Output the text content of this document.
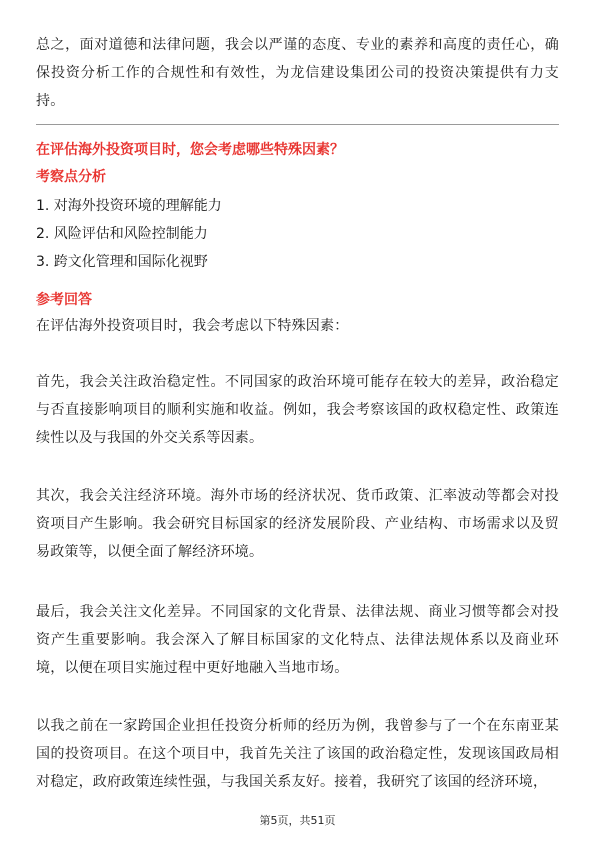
总之，面对道德和法律问题，我会以严谨的态度、专业的素养和高度的责任心，确保投资分析工作的合规性和有效性，为龙信建设集团公司的投资决策提供有力支持。

在评估海外投资项目时，您会考虑哪些特殊因素？
考察点分析
1. 对海外投资环境的理解能力
2. 风险评估和风险控制能力
3. 跨文化管理和国际化视野
参考回答

在评估海外投资项目时，我会考虑以下特殊因素：

首先，我会关注政治稳定性。不同国家的政治环境可能存在较大的差异，政治稳定与否直接影响项目的顺利实施和收益。例如，我会考察该国的政权稳定性、政策连续性以及与我国的外交关系等因素。

其次，我会关注经济环境。海外市场的经济状况、货币政策、汇率波动等都会对投资项目产生影响。我会研究目标国家的经济发展阶段、产业结构、市场需求以及贸易政策等，以便全面了解经济环境。

最后，我会关注文化差异。不同国家的文化背景、法律法规、商业习惯等都会对投资产生重要影响。我会深入了解目标国家的文化特点、法律法规体系以及商业环境，以便在项目实施过程中更好地融入当地市场。

以我之前在一家跨国企业担任投资分析师的经历为例，我曾参与了一个在东南亚某国的投资项目。在这个项目中，我首先关注了该国的政治稳定性，发现该国政局相对稳定，政府政策连续性强，与我国关系友好。接着，我研究了该国的经济环境，

第5页，共51页
